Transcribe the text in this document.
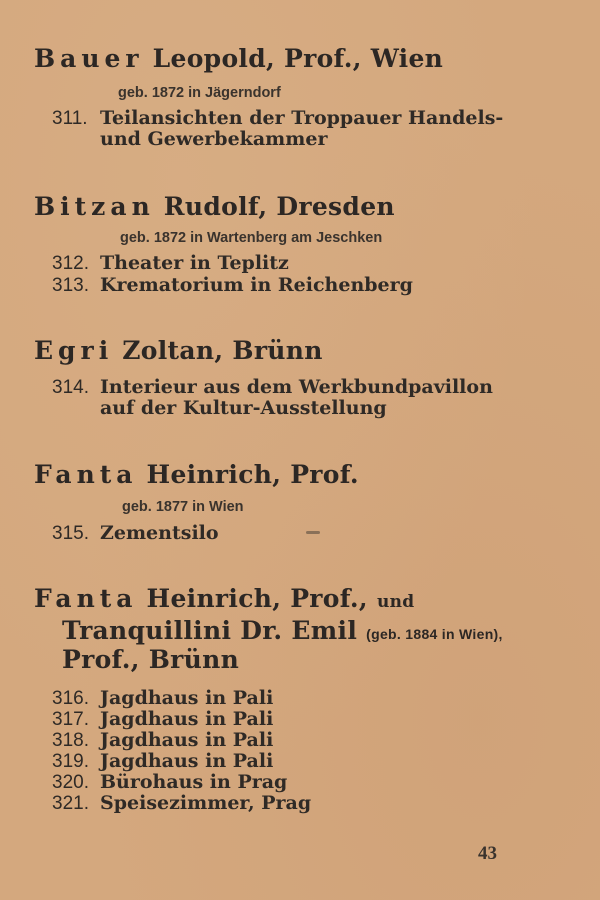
Bauer Leopold, Prof., Wien
geb. 1872 in Jägerndorf
311. Teilansichten der Troppauer Handels-
und Gewerbekammer
Bitzan Rudolf, Dresden
geb. 1872 in Wartenberg am Jeschken
312. Theater in Teplitz
313. Krematorium in Reichenberg
Egri Zoltan, Brünn
314. Interieur aus dem Werkbundpavillon
auf der Kultur-Ausstellung
Fanta Heinrich, Prof.
geb. 1877 in Wien
315. Zementsilo
Fanta Heinrich, Prof., und
Tranquillini Dr. Emil (geb. 1884 in Wien),
Prof., Brünn
316. Jagdhaus in Pali
317. Jagdhaus in Pali
318. Jagdhaus in Pali
319. Jagdhaus in Pali
320. Bürohaus in Prag
321. Speisezimmer, Prag
43
